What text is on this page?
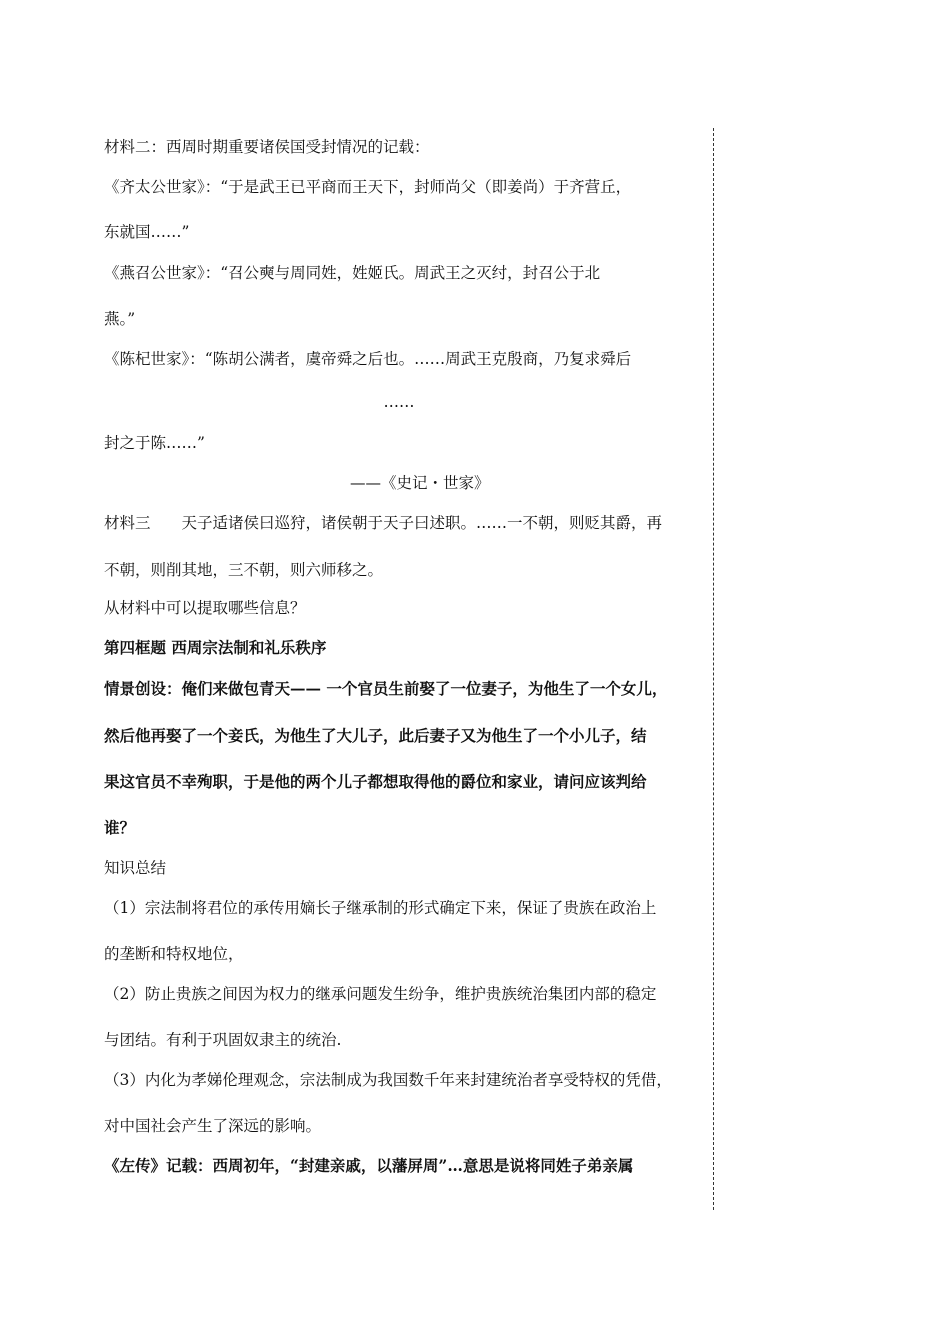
材料二：西周时期重要诸侯国受封情况的记载：
《齐太公世家》：“于是武王已平商而王天下，封师尚父（即姜尚）于齐营丘，
东就国……”
《燕召公世家》：“召公奭与周同姓，姓姬氏。周武王之灭纣，封召公于北
燕。”
《陈杞世家》：“陈胡公满者，虞帝舜之后也。……周武王克殷商，乃复求舜后
……
封之于陈……”
——《史记・世家》
材料三　　天子适诸侯曰巡狩，诸侯朝于天子曰述职。……一不朝，则贬其爵，再
不朝，则削其地，三不朝，则六师移之。
从材料中可以提取哪些信息？
第四框题 西周宗法制和礼乐秩序
情景创设：俺们来做包青天—— 一个官员生前娶了一位妻子，为他生了一个女儿，
然后他再娶了一个妾氏，为他生了大儿子，此后妻子又为他生了一个小儿子，结
果这官员不幸殉职，于是他的两个儿子都想取得他的爵位和家业，请问应该判给
谁？
知识总结
（1）宗法制将君位的承传用嫡长子继承制的形式确定下来，保证了贵族在政治上
的垄断和特权地位，
（2）防止贵族之间因为权力的继承问题发生纷争，维护贵族统治集团内部的稳定
与团结。有利于巩固奴隶主的统治.
（3）内化为孝娣伦理观念，宗法制成为我国数千年来封建统治者享受特权的凭借，
对中国社会产生了深远的影响。
《左传》记载：西周初年，“封建亲戚，以藩屏周”…意思是说将同姓子弟亲属
